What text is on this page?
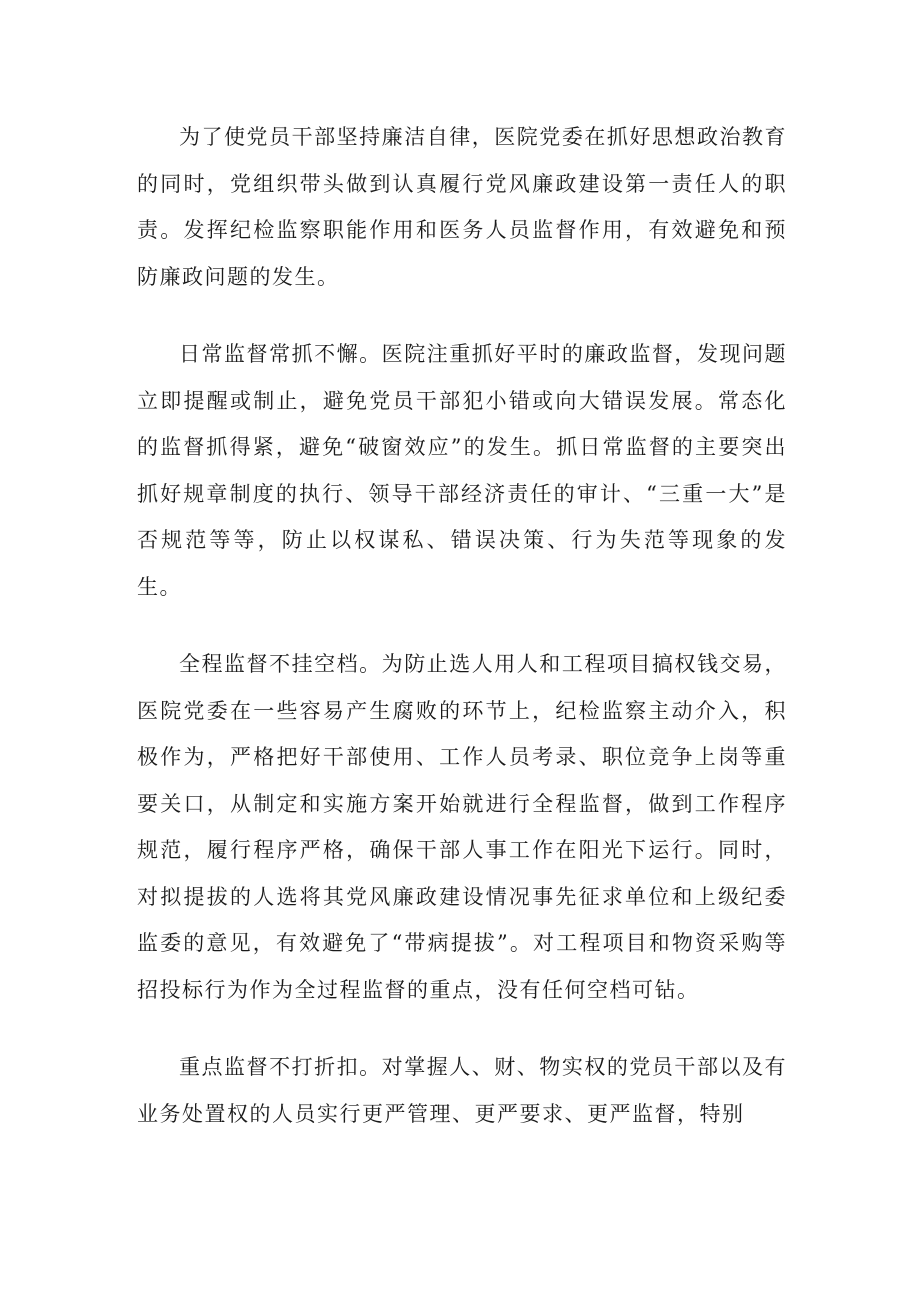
为了使党员干部坚持廉洁自律，医院党委在抓好思想政治教育的同时，党组织带头做到认真履行党风廉政建设第一责任人的职责。发挥纪检监察职能作用和医务人员监督作用，有效避免和预防廉政问题的发生。

日常监督常抓不懈。医院注重抓好平时的廉政监督，发现问题立即提醒或制止，避免党员干部犯小错或向大错误发展。常态化的监督抓得紧，避免“破窗效应”的发生。抓日常监督的主要突出抓好规章制度的执行、领导干部经济责任的审计、“三重一大”是否规范等等，防止以权谋私、错误决策、行为失范等现象的发生。

全程监督不挂空档。为防止选人用人和工程项目搞权钱交易，医院党委在一些容易产生腐败的环节上，纪检监察主动介入，积极作为，严格把好干部使用、工作人员考录、职位竞争上岗等重要关口，从制定和实施方案开始就进行全程监督，做到工作程序规范，履行程序严格，确保干部人事工作在阳光下运行。同时，对拟提拔的人选将其党风廉政建设情况事先征求单位和上级纪委监委的意见，有效避免了“带病提拔”。对工程项目和物资采购等招投标行为作为全过程监督的重点，没有任何空档可钻。

重点监督不打折扣。对掌握人、财、物实权的党员干部以及有业务处置权的人员实行更严管理、更严要求、更严监督，特别
